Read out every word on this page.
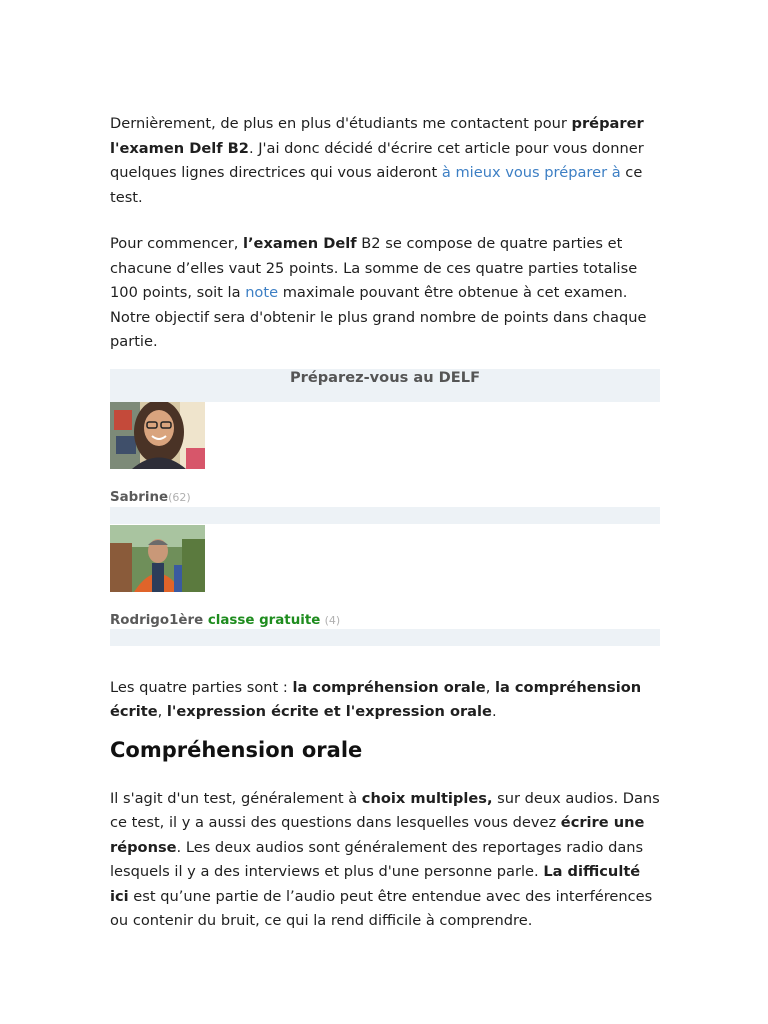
Dernièrement, de plus en plus d'étudiants me contactent pour préparer l'examen Delf B2. J'ai donc décidé d'écrire cet article pour vous donner quelques lignes directrices qui vous aideront à mieux vous préparer à ce test.

Pour commencer, l’examen Delf B2 se compose de quatre parties et chacune d’elles vaut 25 points. La somme de ces quatre parties totalise 100 points, soit la note maximale pouvant être obtenue à cet examen. Notre objectif sera d'obtenir le plus grand nombre de points dans chaque partie.

Préparez-vous au DELF
Sabrine(62)
Rodrigo1ère classe gratuite (4)

Les quatre parties sont : la compréhension orale, la compréhension écrite, l'expression écrite et l'expression orale.

Compréhension orale

Il s'agit d'un test, généralement à choix multiples, sur deux audios. Dans ce test, il y a aussi des questions dans lesquelles vous devez écrire une réponse. Les deux audios sont généralement des reportages radio dans lesquels il y a des interviews et plus d'une personne parle. La difficulté ici est qu’une partie de l’audio peut être entendue avec des interférences ou contenir du bruit, ce qui la rend difficile à comprendre.
